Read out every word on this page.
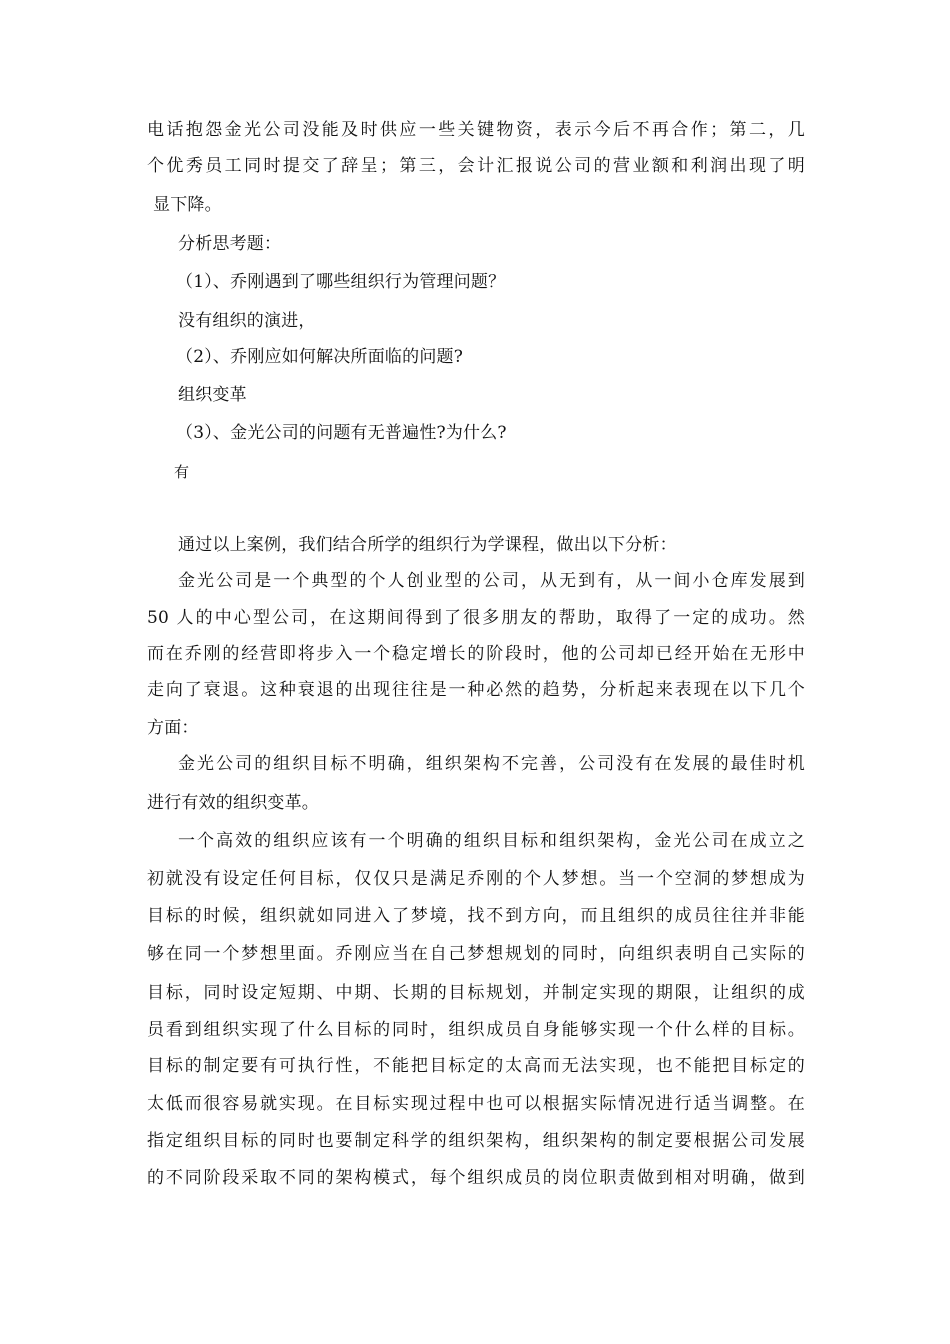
电话抱怨金光公司没能及时供应一些关键物资，表示今后不再合作；第二，几
个优秀员工同时提交了辞呈；第三，会计汇报说公司的营业额和利润出现了明
显下降。
分析思考题：
（1）、乔刚遇到了哪些组织行为管理问题？
没有组织的演进，
（2）、乔刚应如何解决所面临的问题?
组织变革
（3）、金光公司的问题有无普遍性?为什么?
有
通过以上案例，我们结合所学的组织行为学课程，做出以下分析：
金光公司是一个典型的个人创业型的公司，从无到有，从一间小仓库发展到
50 人的中心型公司，在这期间得到了很多朋友的帮助，取得了一定的成功。然
而在乔刚的经营即将步入一个稳定增长的阶段时，他的公司却已经开始在无形中
走向了衰退。这种衰退的出现往往是一种必然的趋势，分析起来表现在以下几个
方面：
金光公司的组织目标不明确，组织架构不完善，公司没有在发展的最佳时机
进行有效的组织变革。
一个高效的组织应该有一个明确的组织目标和组织架构，金光公司在成立之
初就没有设定任何目标，仅仅只是满足乔刚的个人梦想。当一个空洞的梦想成为
目标的时候，组织就如同进入了梦境，找不到方向，而且组织的成员往往并非能
够在同一个梦想里面。乔刚应当在自己梦想规划的同时，向组织表明自己实际的
目标，同时设定短期、中期、长期的目标规划，并制定实现的期限，让组织的成
员看到组织实现了什么目标的同时，组织成员自身能够实现一个什么样的目标。
目标的制定要有可执行性，不能把目标定的太高而无法实现，也不能把目标定的
太低而很容易就实现。在目标实现过程中也可以根据实际情况进行适当调整。在
指定组织目标的同时也要制定科学的组织架构，组织架构的制定要根据公司发展
的不同阶段采取不同的架构模式，每个组织成员的岗位职责做到相对明确，做到
